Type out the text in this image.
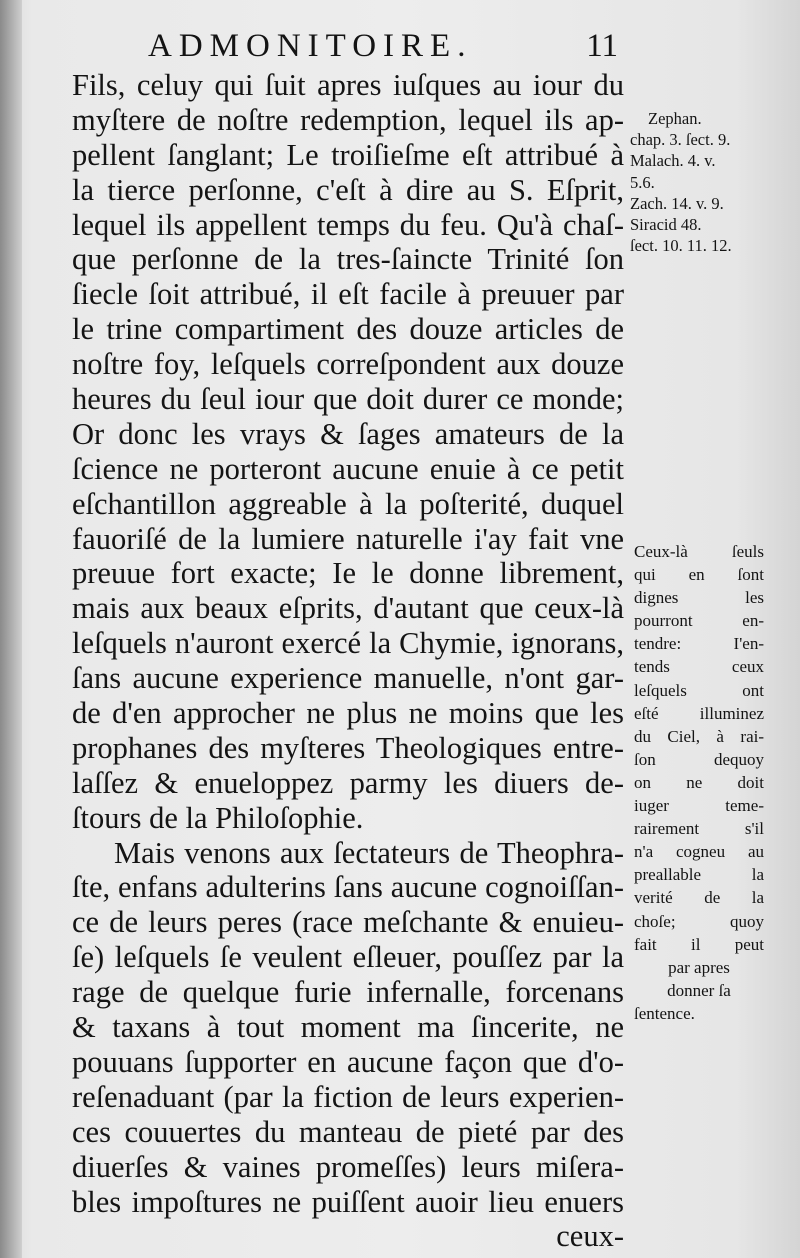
ADMONITOIRE.	11
Fils, celuy qui ſuit apres iuſques au iour du
myſtere de noſtre redemption, lequel ils ap-
pellent ſanglant; Le troiſieſme eſt attribué à
la tierce perſonne, c'eſt à dire au S. Eſprit,
lequel ils appellent temps du feu. Qu'à chaſ-
que perſonne de la tres-ſaincte Trinité ſon
ſiecle ſoit attribué, il eſt facile à preuuer par
le trine compartiment des douze articles de
noſtre foy, leſquels correſpondent aux douze
heures du ſeul iour que doit durer ce monde;
Or donc les vrays & ſages amateurs de la
ſcience ne porteront aucune enuie à ce petit
eſchantillon aggreable à la poſterité, duquel
fauoriſé de la lumiere naturelle i'ay fait vne
preuue fort exacte; Ie le donne librement,
mais aux beaux eſprits, d'autant que ceux-là
leſquels n'auront exercé la Chymie, ignorans,
ſans aucune experience manuelle, n'ont gar-
de d'en approcher ne plus ne moins que les
prophanes des myſteres Theologiques entre-
laſſez & enueloppez parmy les diuers de-
ſtours de la Philoſophie.
Mais venons aux ſectateurs de Theophra-
ſte, enfans adulterins ſans aucune cognoiſſan-
ce de leurs peres (race meſchante & enuieu-
ſe) leſquels ſe veulent eſleuer, pouſſez par la
rage de quelque furie infernalle, forcenans
& taxans à tout moment ma ſincerite, ne
pouuans ſupporter en aucune façon que d'o-
reſenaduant (par la fiction de leurs experien-
ces couuertes du manteau de pieté par des
diuerſes & vaines promeſſes) leurs miſera-
bles impoſtures ne puiſſent auoir lieu enuers
ceux-
Zephan.
chap. 3. ſect. 9.
Malach. 4. v.
5.6.
Zach. 14. v. 9.
Siracid 48.
ſect. 10. 11. 12.
Ceux-là ſeuls
qui en ſont
dignes les
pourront en-
tendre: I'en-
tends ceux
leſquels ont
eſté illuminez
du Ciel, à rai-
ſon dequoy
on ne doit
iuger teme-
rairement s'il
n'a cogneu au
preallable la
verité de la
choſe; quoy
fait il peut
par apres
donner ſa
ſentence.
